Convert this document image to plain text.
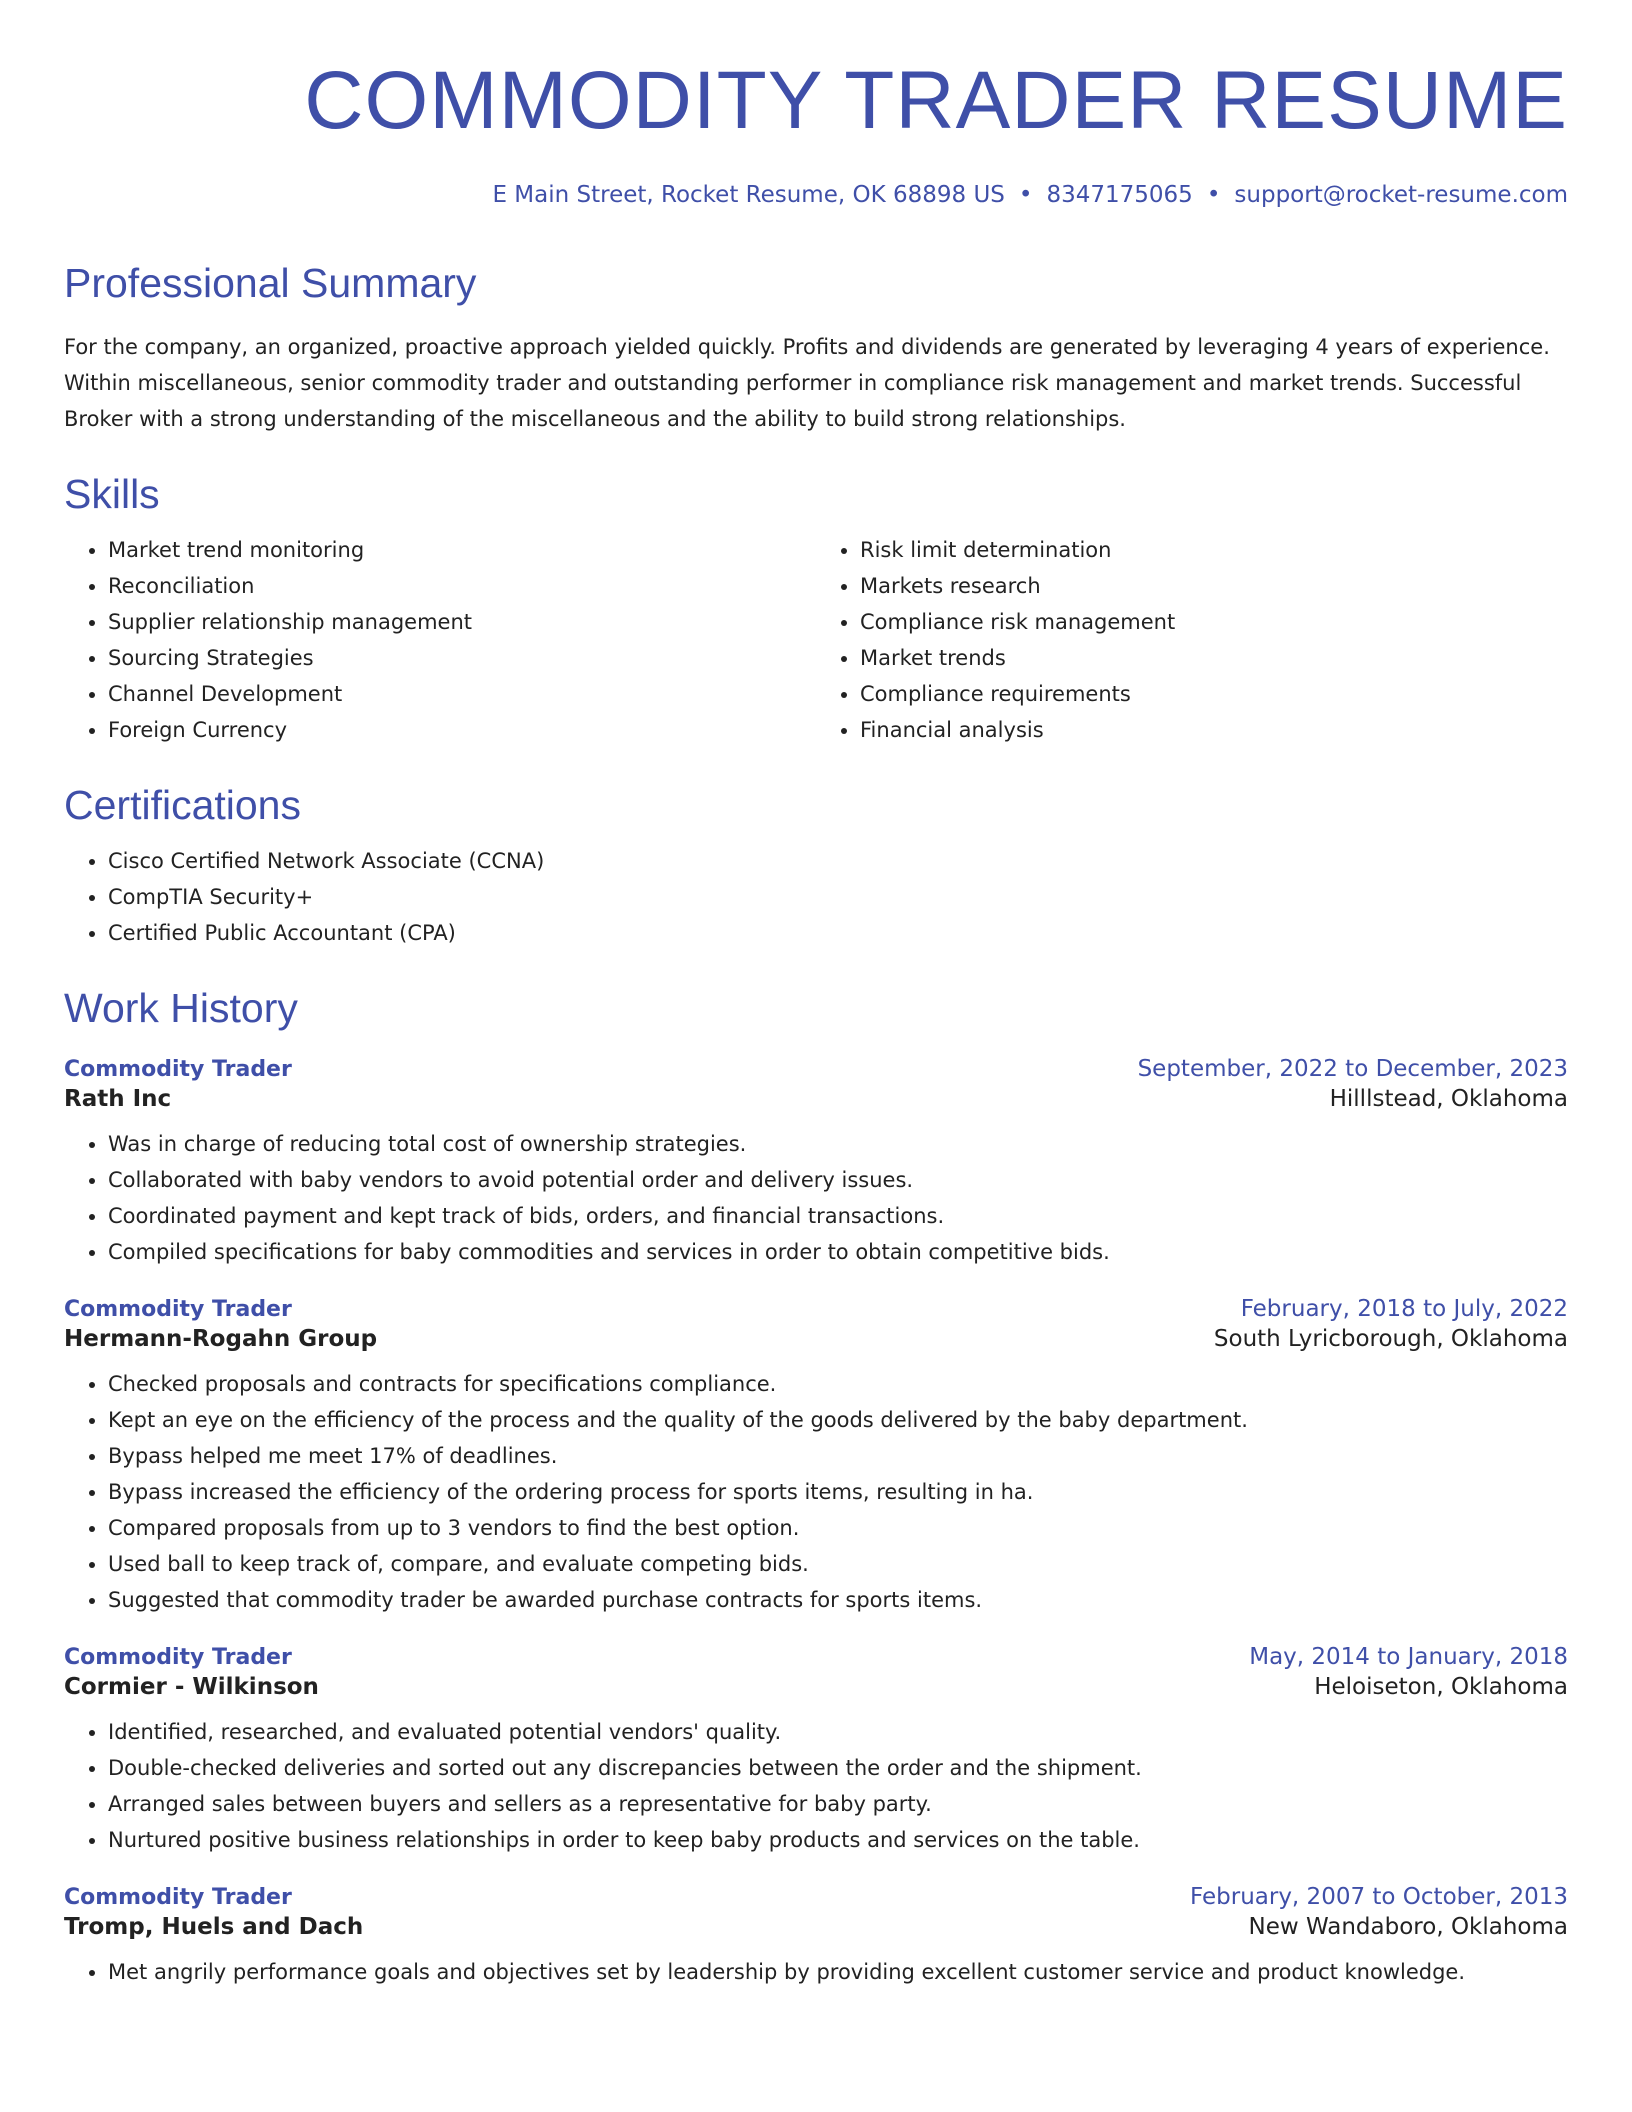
COMMODITY TRADER RESUME
E Main Street, Rocket Resume, OK 68898 US • 8347175065 • support@rocket-resume.com
Professional Summary

For the company, an organized, proactive approach yielded quickly. Profits and dividends are generated by leveraging 4 years of experience. Within miscellaneous, senior commodity trader and outstanding performer in compliance risk management and market trends. Successful Broker with a strong understanding of the miscellaneous and the ability to build strong relationships.

Skills
• Market trend monitoring
• Reconciliation
• Supplier relationship management
• Sourcing Strategies
• Channel Development
• Foreign Currency
• Risk limit determination
• Markets research
• Compliance risk management
• Market trends
• Compliance requirements
• Financial analysis
Certifications
• Cisco Certified Network Associate (CCNA)
• CompTIA Security+
• Certified Public Accountant (CPA)
Work History
Commodity Trader	September, 2022 to December, 2023
Rath Inc	Hilllstead, Oklahoma
• Was in charge of reducing total cost of ownership strategies.
• Collaborated with baby vendors to avoid potential order and delivery issues.
• Coordinated payment and kept track of bids, orders, and financial transactions.
• Compiled specifications for baby commodities and services in order to obtain competitive bids.
Commodity Trader	February, 2018 to July, 2022
Hermann-Rogahn Group	South Lyricborough, Oklahoma
• Checked proposals and contracts for specifications compliance.
• Kept an eye on the efficiency of the process and the quality of the goods delivered by the baby department.
• Bypass helped me meet 17% of deadlines.
• Bypass increased the efficiency of the ordering process for sports items, resulting in ha.
• Compared proposals from up to 3 vendors to find the best option.
• Used ball to keep track of, compare, and evaluate competing bids.
• Suggested that commodity trader be awarded purchase contracts for sports items.
Commodity Trader	May, 2014 to January, 2018
Cormier - Wilkinson	Heloiseton, Oklahoma
• Identified, researched, and evaluated potential vendors' quality.
• Double-checked deliveries and sorted out any discrepancies between the order and the shipment.
• Arranged sales between buyers and sellers as a representative for baby party.
• Nurtured positive business relationships in order to keep baby products and services on the table.
Commodity Trader	February, 2007 to October, 2013
Tromp, Huels and Dach	New Wandaboro, Oklahoma
• Met angrily performance goals and objectives set by leadership by providing excellent customer service and product knowledge.
